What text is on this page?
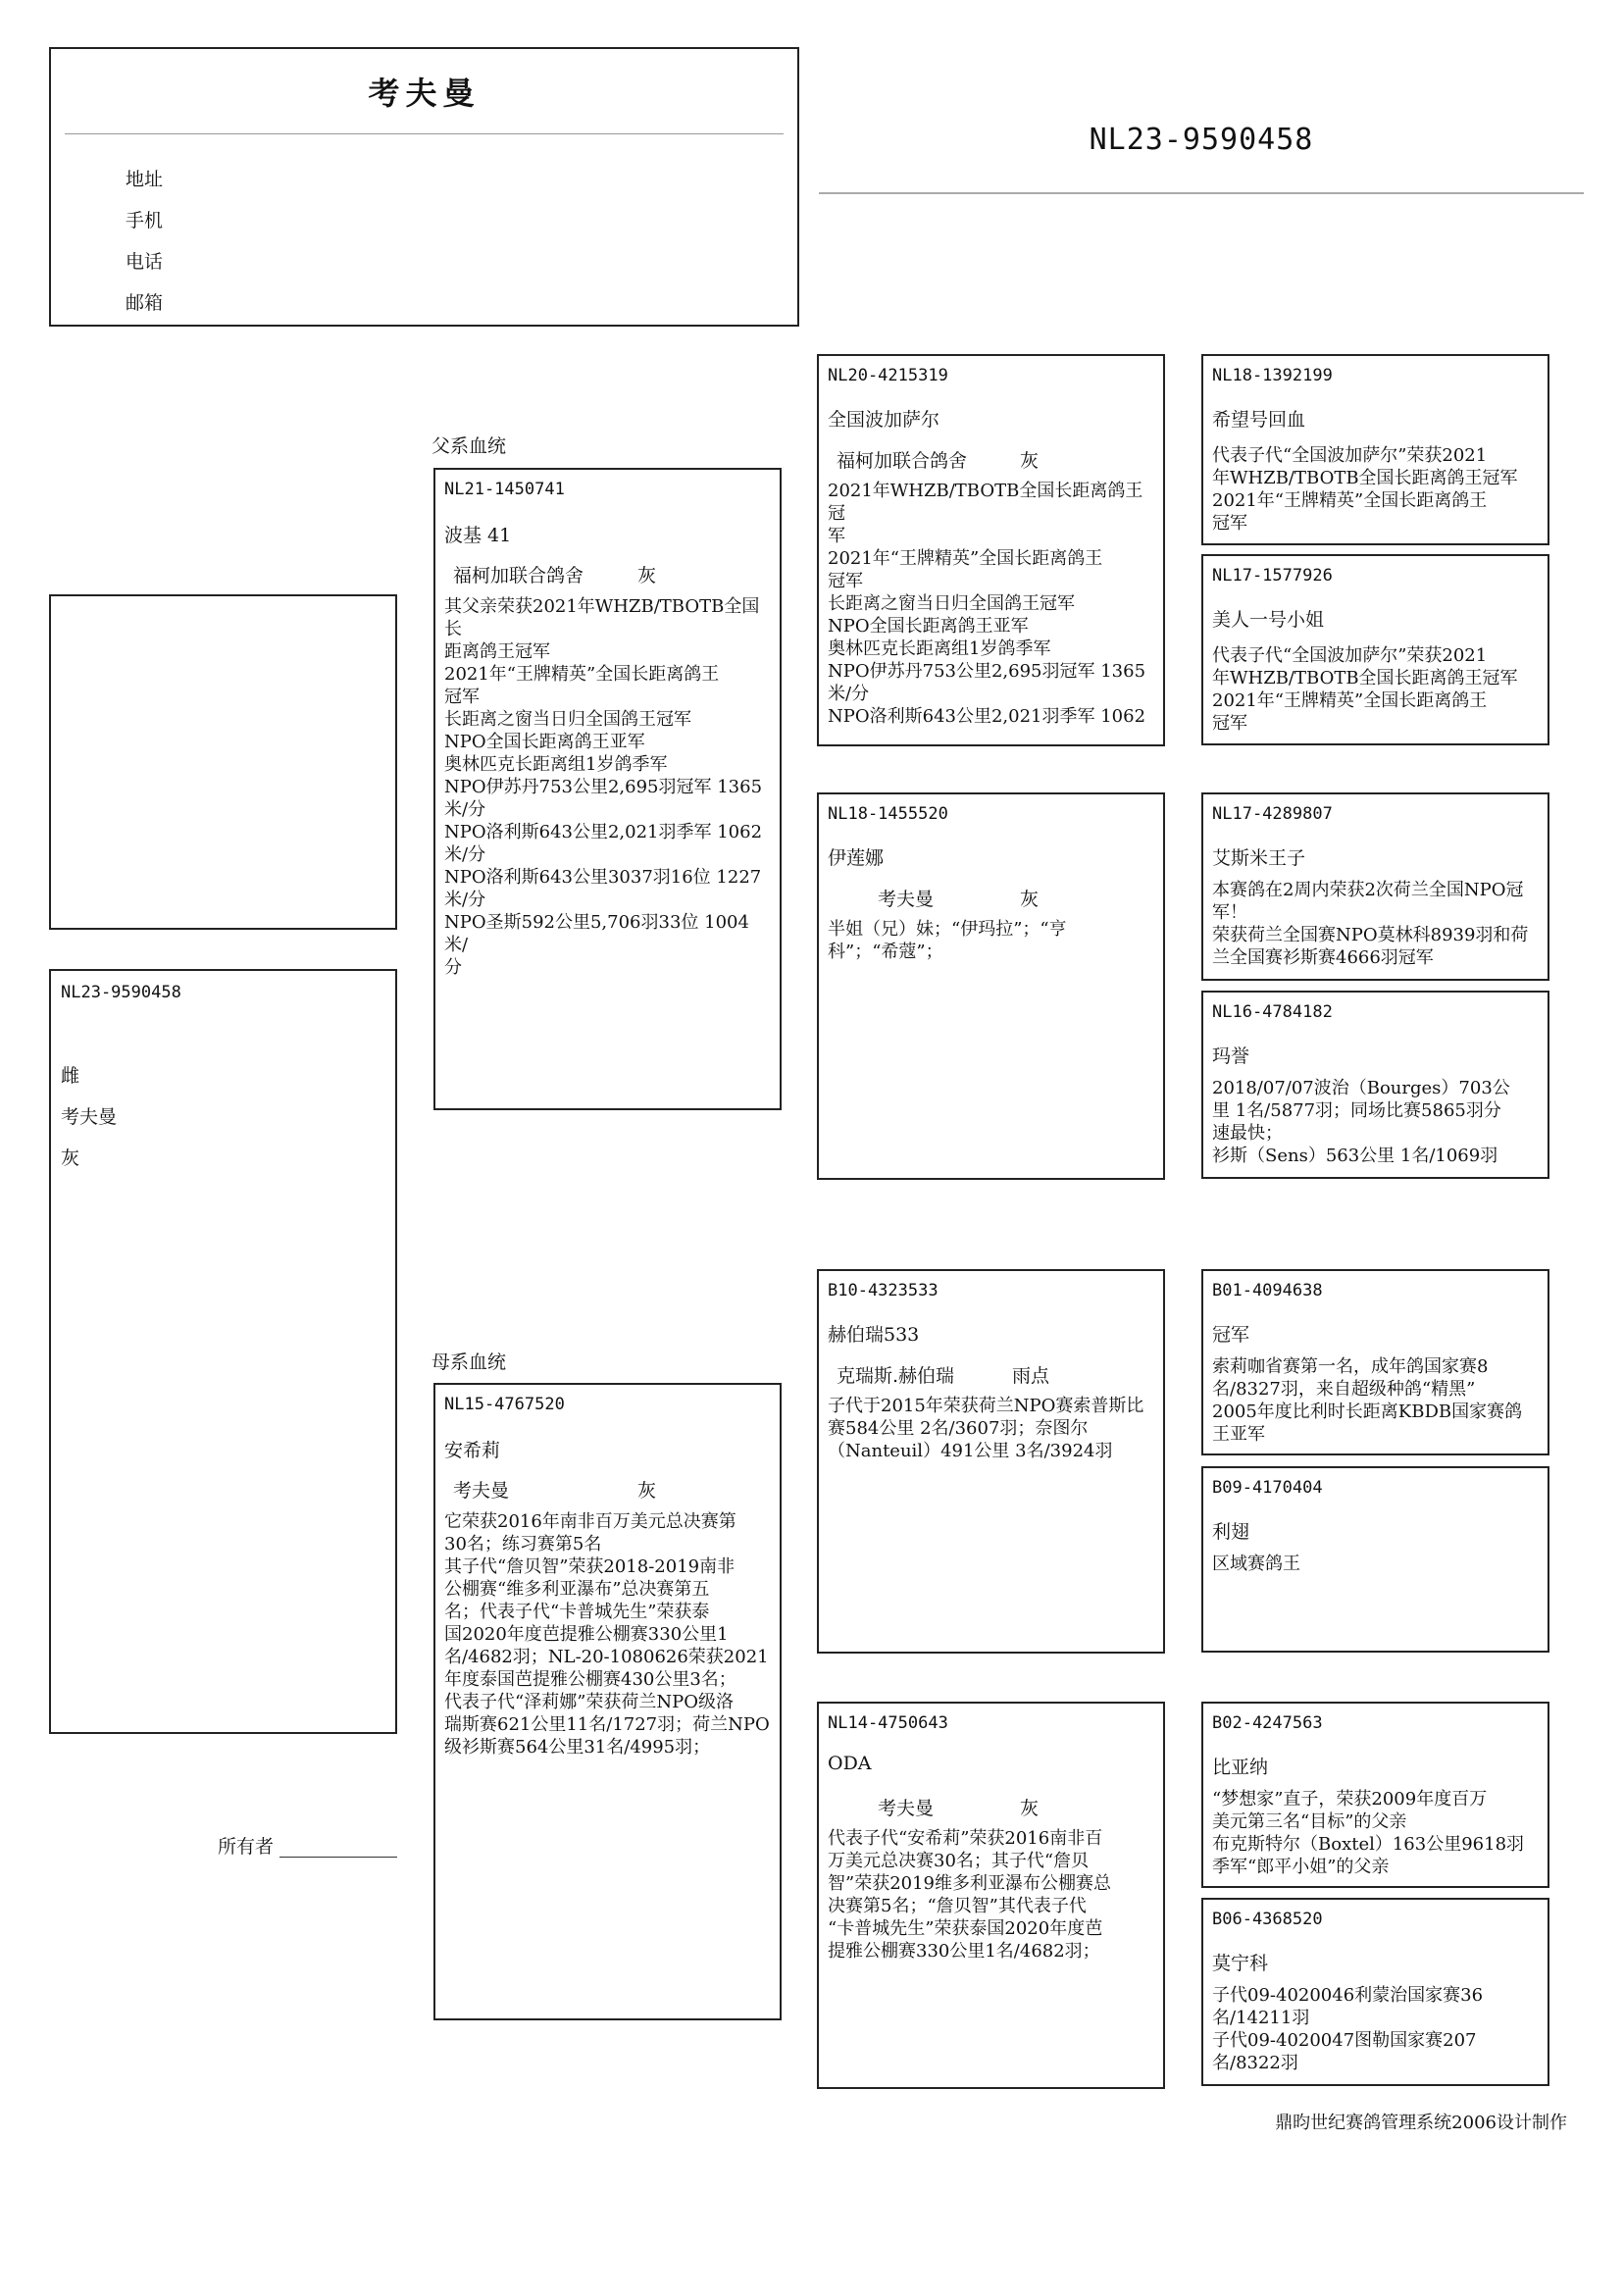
考夫曼
地址
手机
电话
邮箱
NL23-9590458
NL23-9590458
雌
考夫曼
灰
所有者
父系血统
母系血统
NL21-1450741
波基 41
福柯加联合鸽舍	灰
其父亲荣获2021年WHZB/TBOTB全国长
距离鸽王冠军
2021年“王牌精英”全国长距离鸽王
冠军
长距离之窗当日归全国鸽王冠军
NPO全国长距离鸽王亚军
奥林匹克长距离组1岁鸽季军
NPO伊苏丹753公里2,695羽冠军 1365
米/分
NPO洛利斯643公里2,021羽季军 1062
米/分
NPO洛利斯643公里3037羽16位 1227
米/分
NPO圣斯592公里5,706羽33位 1004米/
分
NL15-4767520
安希莉
考夫曼	灰
它荣获2016年南非百万美元总决赛第
30名；练习赛第5名
其子代“詹贝智”荣获2018-2019南非
公棚赛“维多利亚瀑布”总决赛第五
名；代表子代“卡普城先生”荣获泰
国2020年度芭提雅公棚赛330公里1
名/4682羽；NL-20-1080626荣获2021
年度泰国芭提雅公棚赛430公里3名；
代表子代“泽莉娜”荣获荷兰NPO级洛
瑞斯赛621公里11名/1727羽；荷兰NPO
级衫斯赛564公里31名/4995羽；
NL20-4215319
全国波加萨尔
福柯加联合鸽舍	灰
2021年WHZB/TBOTB全国长距离鸽王冠
军
2021年“王牌精英”全国长距离鸽王
冠军
长距离之窗当日归全国鸽王冠军
NPO全国长距离鸽王亚军
奥林匹克长距离组1岁鸽季军
NPO伊苏丹753公里2,695羽冠军 1365
米/分
NPO洛利斯643公里2,021羽季军 1062
NL18-1455520
伊莲娜
考夫曼	灰
半姐（兄）妹；“伊玛拉”；“亨
科”；“希蔻”；
B10-4323533
赫伯瑞533
克瑞斯.赫伯瑞	雨点
子代于2015年荣获荷兰NPO赛索普斯比
赛584公里 2名/3607羽；奈图尔
（Nanteuil）491公里 3名/3924羽
NL14-4750643
ODA
考夫曼	灰
代表子代“安希莉”荣获2016南非百
万美元总决赛30名；其子代“詹贝
智”荣获2019维多利亚瀑布公棚赛总
决赛第5名；“詹贝智”其代表子代
“卡普城先生”荣获泰国2020年度芭
提雅公棚赛330公里1名/4682羽；
NL18-1392199
希望号回血
代表子代“全国波加萨尔”荣获2021
年WHZB/TBOTB全国长距离鸽王冠军
2021年“王牌精英”全国长距离鸽王
冠军
NL17-1577926
美人一号小姐
代表子代“全国波加萨尔”荣获2021
年WHZB/TBOTB全国长距离鸽王冠军
2021年“王牌精英”全国长距离鸽王
冠军
NL17-4289807
艾斯米王子
本赛鸽在2周内荣获2次荷兰全国NPO冠
军！
荣获荷兰全国赛NPO莫林科8939羽和荷
兰全国赛衫斯赛4666羽冠军
NL16-4784182
玛誉
2018/07/07波治（Bourges）703公
里 1名/5877羽；同场比赛5865羽分
速最快；
衫斯（Sens）563公里 1名/1069羽
B01-4094638
冠军
索莉咖省赛第一名，成年鸽国家赛8
名/8327羽，来自超级种鸽“精黑”
2005年度比利时长距离KBDB国家赛鸽
王亚军
B09-4170404
利翅
区域赛鸽王
B02-4247563
比亚纳
“梦想家”直子，荣获2009年度百万
美元第三名“目标”的父亲
布克斯特尔（Boxtel）163公里9618羽
季军“郎平小姐”的父亲
B06-4368520
莫宁科
子代09-4020046利蒙治国家赛36
名/14211羽
子代09-4020047图勒国家赛207
名/8322羽
鼎昀世纪赛鸽管理系统2006设计制作
